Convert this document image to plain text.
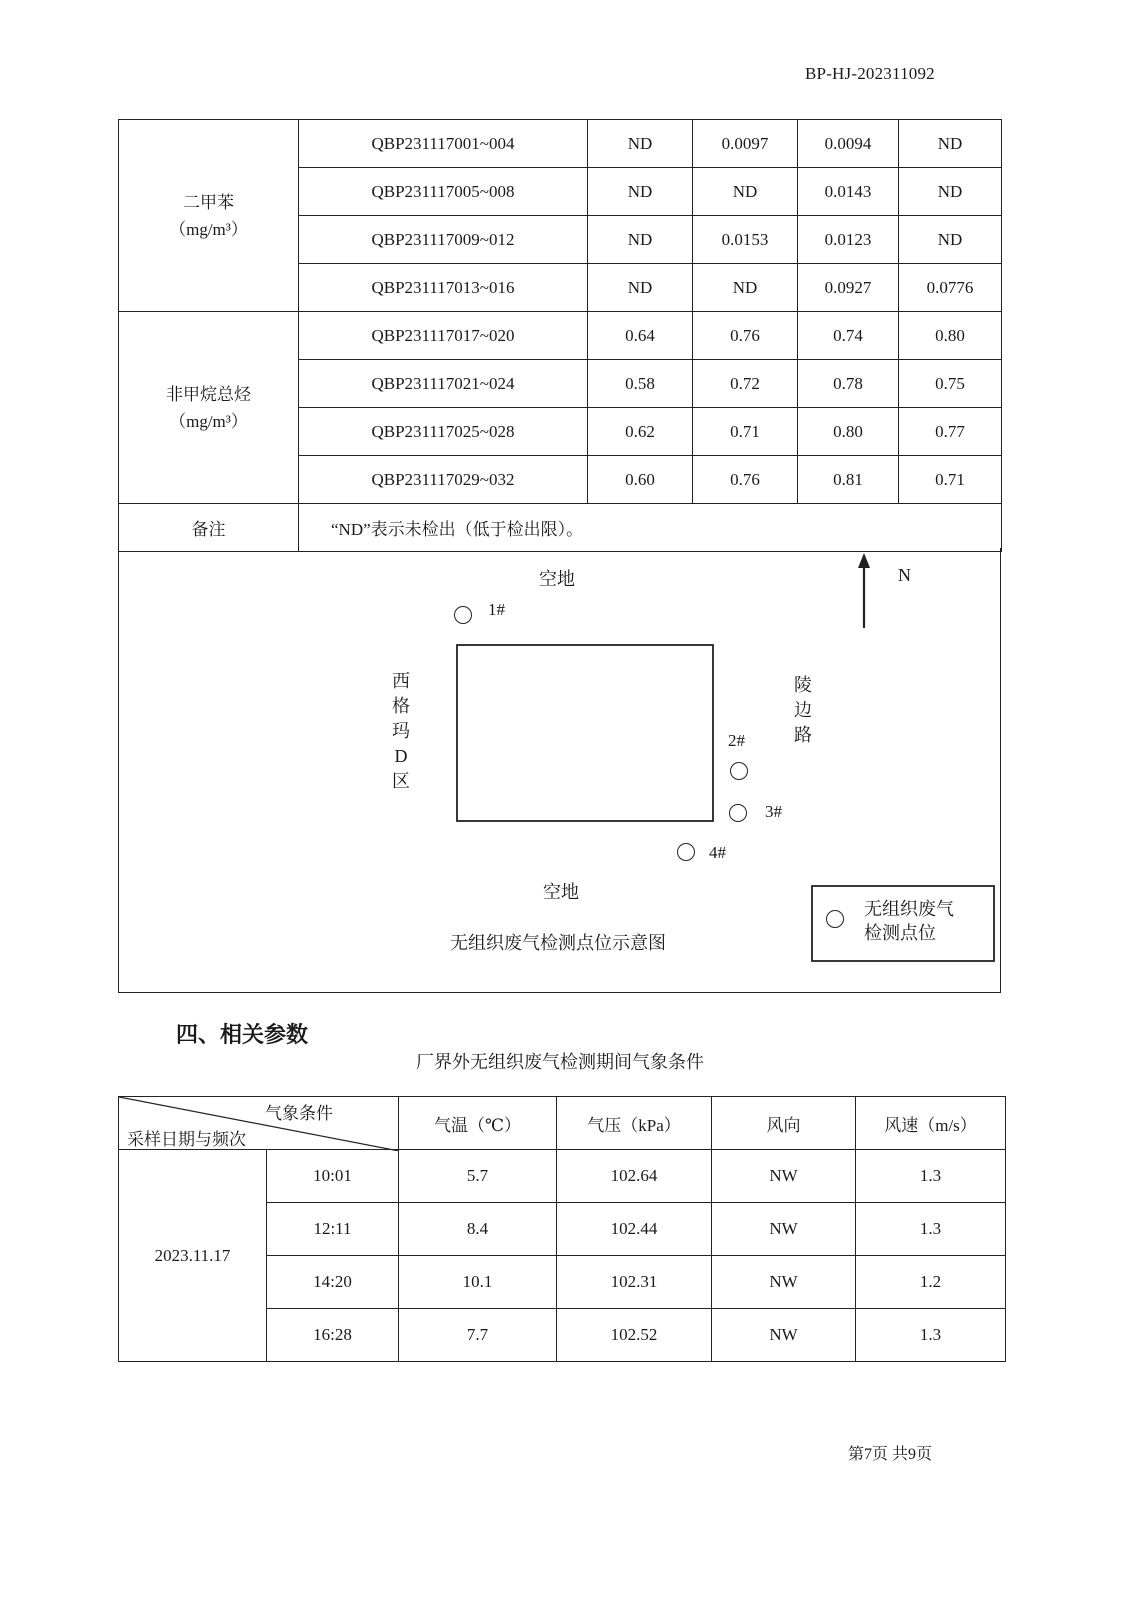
BP-HJ-202311092
二甲苯
（mg/m³）	QBP231117001~004	ND	0.0097	0.0094	ND
	QBP231117005~008	ND	ND	0.0143	ND
	QBP231117009~012	ND	0.0153	0.0123	ND
	QBP231117013~016	ND	ND	0.0927	0.0776

非甲烷总烃
（mg/m³）	QBP231117017~020	0.64	0.76	0.74	0.80
	QBP231117021~024	0.58	0.72	0.78	0.75
	QBP231117025~028	0.62	0.71	0.80	0.77
	QBP231117029~032	0.60	0.76	0.81	0.71
备注	“ND”表示未检出（低于检出限）。				
N
空地
空地
西
格
玛
D
区
陵
边
路
1#
2#
3#
4#
无组织废气检测点位示意图
无组织废气
检测点位
四、相关参数
厂界外无组织废气检测期间气象条件
气象条件
采样日期与频次		气温（℃）	气压（kPa）	风向	风速（m/s）
2023.11.17	10:01	5.7	102.64	NW	1.3
	12:11	8.4	102.44	NW	1.3
	14:20	10.1	102.31	NW	1.2
	16:28	7.7	102.52	NW	1.3
第7页 共9页
